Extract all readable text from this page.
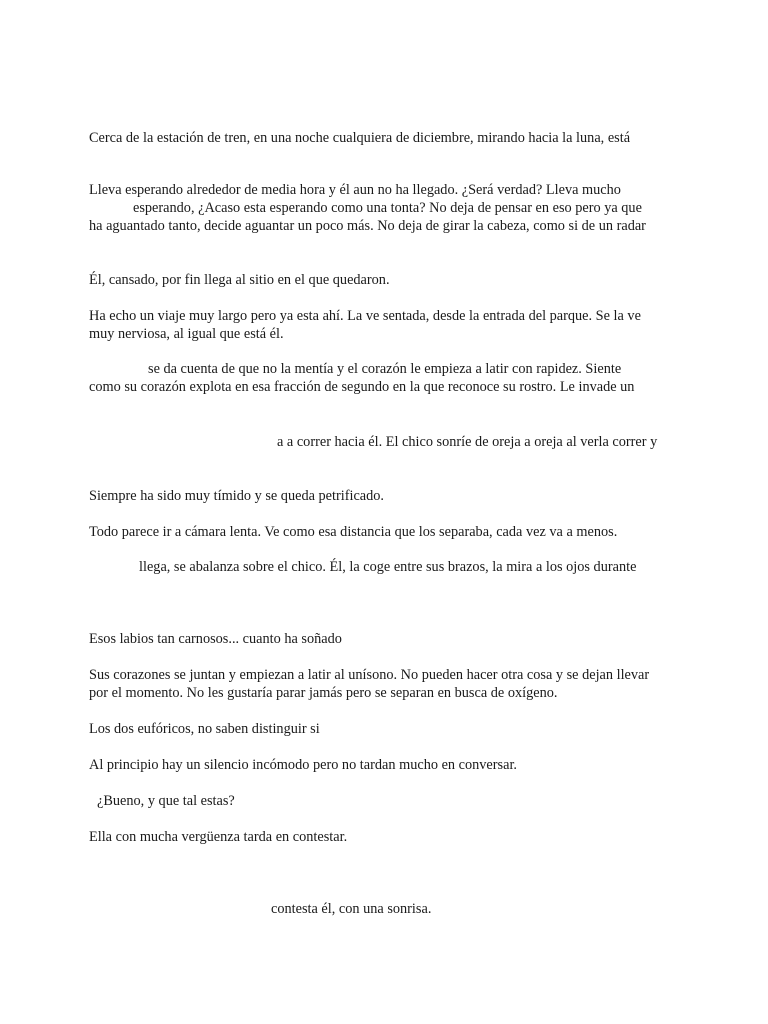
Cerca de la estación de tren, en una noche cualquiera de diciembre, mirando hacia la luna, está
Lleva esperando alrededor de media hora y él aun no ha llegado. ¿Será verdad? Lleva mucho
esperando, ¿Acaso esta esperando como una tonta? No deja de pensar en eso pero ya que
ha aguantado tanto, decide aguantar un poco más. No deja de girar la cabeza, como si de un radar
Él, cansado, por fin llega al sitio en el que quedaron.
Ha echo un viaje muy largo pero ya esta ahí. La ve sentada, desde la entrada del parque. Se la ve
muy nerviosa, al igual que está él.
se da cuenta de que no la mentía y el corazón le empieza a latir con rapidez. Siente
como su corazón explota en esa fracción de segundo en la que reconoce su rostro. Le invade un
a a correr hacia él. El chico sonríe de oreja a oreja al verla correr y
Siempre ha sido muy tímido y se queda petrificado.
Todo parece ir a cámara lenta. Ve como esa distancia que los separaba, cada vez va a menos.
llega, se abalanza sobre el chico. Él, la coge entre sus brazos, la mira a los ojos durante
Esos labios tan carnosos... cuanto ha soñado
Sus corazones se juntan y empiezan a latir al unísono. No pueden hacer otra cosa y se dejan llevar
por el momento. No les gustaría parar jamás pero se separan en busca de oxígeno.
Los dos eufóricos, no saben distinguir si
Al principio hay un silencio incómodo pero no tardan mucho en conversar.
¿Bueno, y que tal estas?
Ella con mucha vergüenza tarda en contestar.
contesta él, con una sonrisa.
